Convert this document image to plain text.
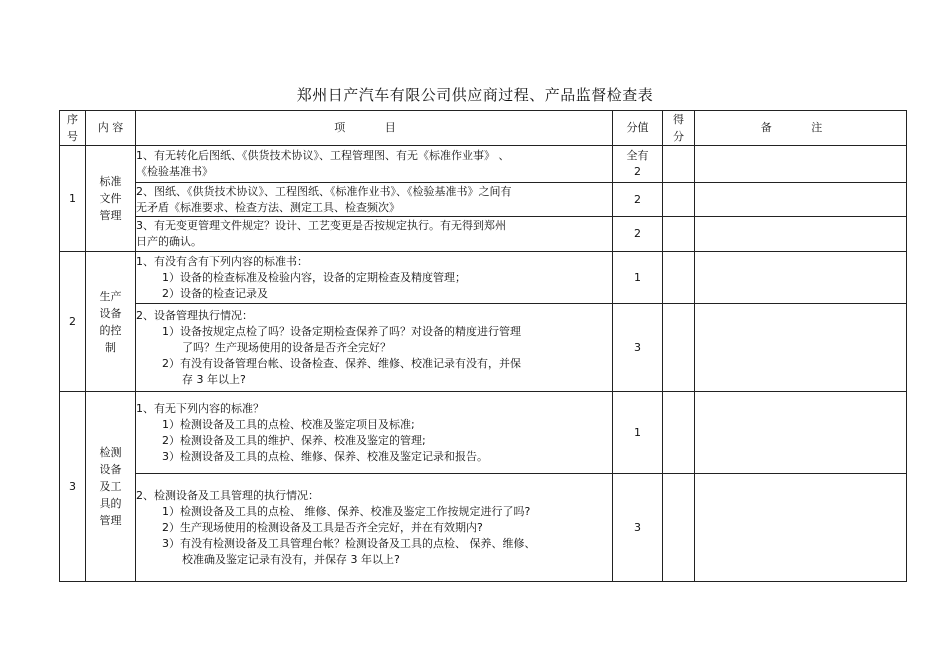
郑州日产汽车有限公司供应商过程、产品监督检查表
序号	内 容	项 目	分值	得分	备 注
1	标准文件管理	1、有无转化后图纸、《供货技术协议》、工程管理图、有无《标准作业事》 、
《检验基准书》	全有
2		

		2、图纸、《供货技术协议》、工程图纸、《标准作业书》、《检验基准书》之间有
无矛盾《标准要求、检查方法、测定工具、检查频次》	2		

		3、有无变更管理文件规定？设计、工艺变更是否按规定执行。有无得到郑州
日产的确认。	2		

2	生产设备的控制	1、有没有含有下列内容的标准书：
1）设备的检查标准及检验内容，设备的定期检查及精度管理；
2）设备的检查记录及	1		

		2、设备管理执行情况：
1）设备按规定点检了吗？设备定期检查保养了吗？对设备的精度进行管理
了吗？生产现场使用的设备是否齐全完好？
2）有没有设备管理台帐、设备检查、保养、维修、校准记录有没有，并保
存 3 年以上?	3		

3	检测设备及工具的管理	1、有无下列内容的标准？
1）检测设备及工具的点检、校准及鉴定项目及标准;
2）检测设备及工具的维护、保养、校准及鉴定的管理;
3）检测设备及工具的点检、维修、保养、校准及鉴定记录和报告。	1		

		2、检测设备及工具管理的执行情况：
1）检测设备及工具的点检、 维修、保养、校准及鉴定工作按规定进行了吗?
2）生产现场使用的检测设备及工具是否齐全完好，并在有效期内?
3）有没有检测设备及工具管理台帐？检测设备及工具的点检、 保养、维修、
校准确及鉴定记录有没有，并保存 3 年以上?	3		
